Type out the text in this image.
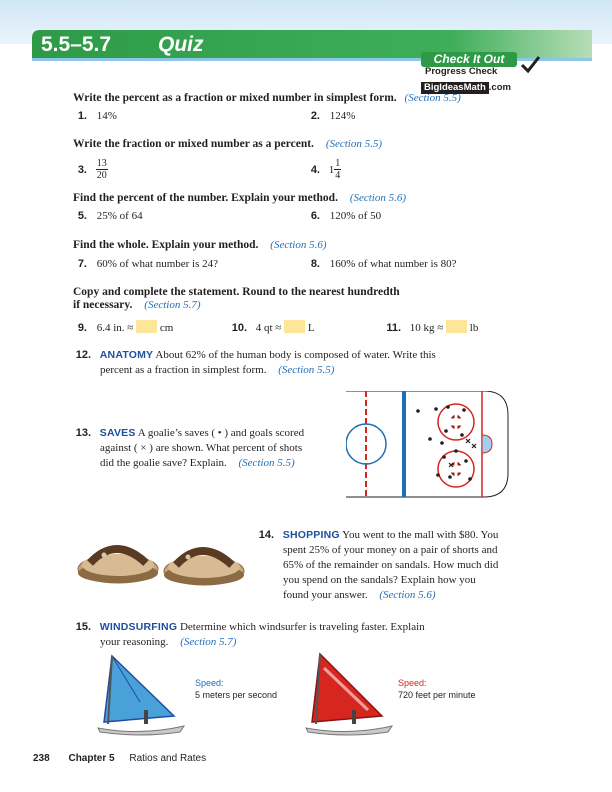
5.5–5.7 Quiz
Check It Out
Progress Check
BigIdeasMath .com
Write the percent as a fraction or mixed number in simplest form. (Section 5.5)
1. 14%	2. 124%
Write the fraction or mixed number as a percent. (Section 5.5)
3. $\frac{13}{20}$	4. $1 \frac{1}{4}$
Find the percent of the number. Explain your method. (Section 5.6)
5. 25% of 64	6. 120% of 50
Find the whole. Explain your method. (Section 5.6)
7. 60% of what number is 24?	8. 160% of what number is 80?
Copy and complete the statement. Round to the nearest hundredth
if necessary. (Section 5.7)
9. 6.4 in. ≈ cm	10. 4 qt ≈ L	11. 10 kg ≈ lb
12. ANATOMY About 62% of the human body is composed of water. Write this
percent as a fraction in simplest form. (Section 5.5)
13. SAVES A goalie’s saves ( • ) and goals scored
against ( × ) are shown. What percent of shots
did the goalie save? Explain. (Section 5.5)
14. SHOPPING You went to the mall with $80. You
spent 25% of your money on a pair of shorts and
65% of the remainder on sandals. How much did
you spend on the sandals? Explain how you
found your answer. (Section 5.6)
15. WINDSURFING Determine which windsurfer is traveling faster. Explain
your reasoning. (Section 5.7)
Speed:
5 meters per second
Speed:
720 feet per minute
238 Chapter 5 Ratios and Rates
